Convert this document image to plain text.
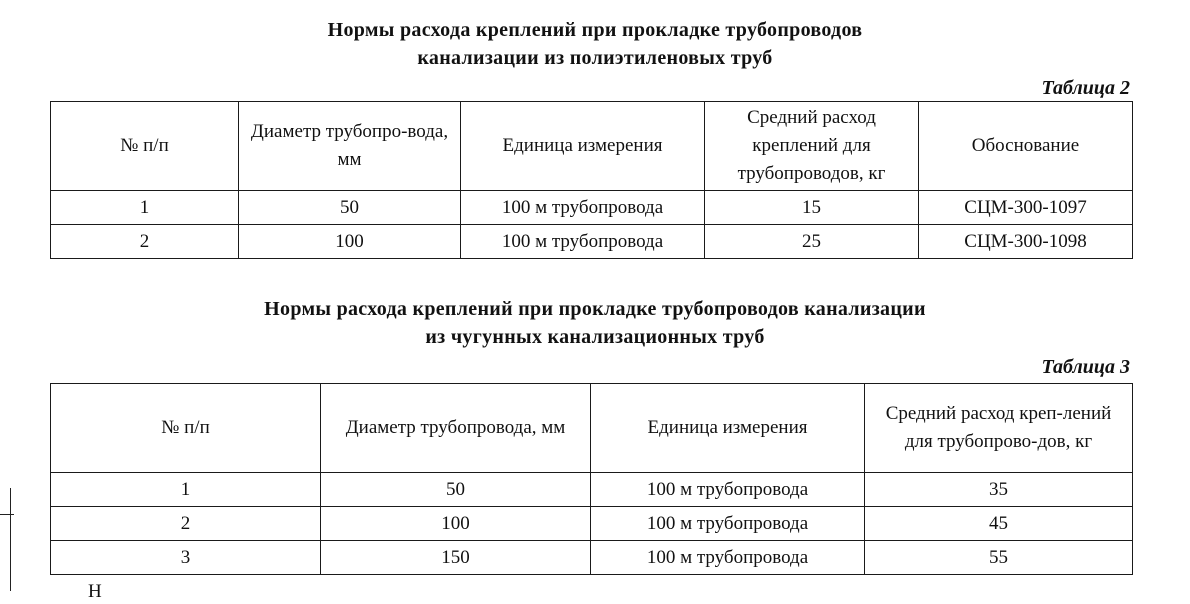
Нормы расхода креплений при прокладке трубопроводов
канализации из полиэтиленовых труб
Таблица 2
№ п/п	Диаметр трубопро-вода, мм	Единица измерения	Средний расход креплений для трубопроводов, кг	Обоснование
1	50	100 м трубопровода	15	СЦМ-300-1097
2	100	100 м трубопровода	25	СЦМ-300-1098
Нормы расхода креплений при прокладке трубопроводов канализации
из чугунных канализационных труб
Таблица 3
№ п/п	Диаметр трубопровода, мм	Единица измерения	Средний расход креп-лений для трубопрово-дов, кг
1	50	100 м трубопровода	35
2	100	100 м трубопровода	45
3	150	100 м трубопровода	55
Н
